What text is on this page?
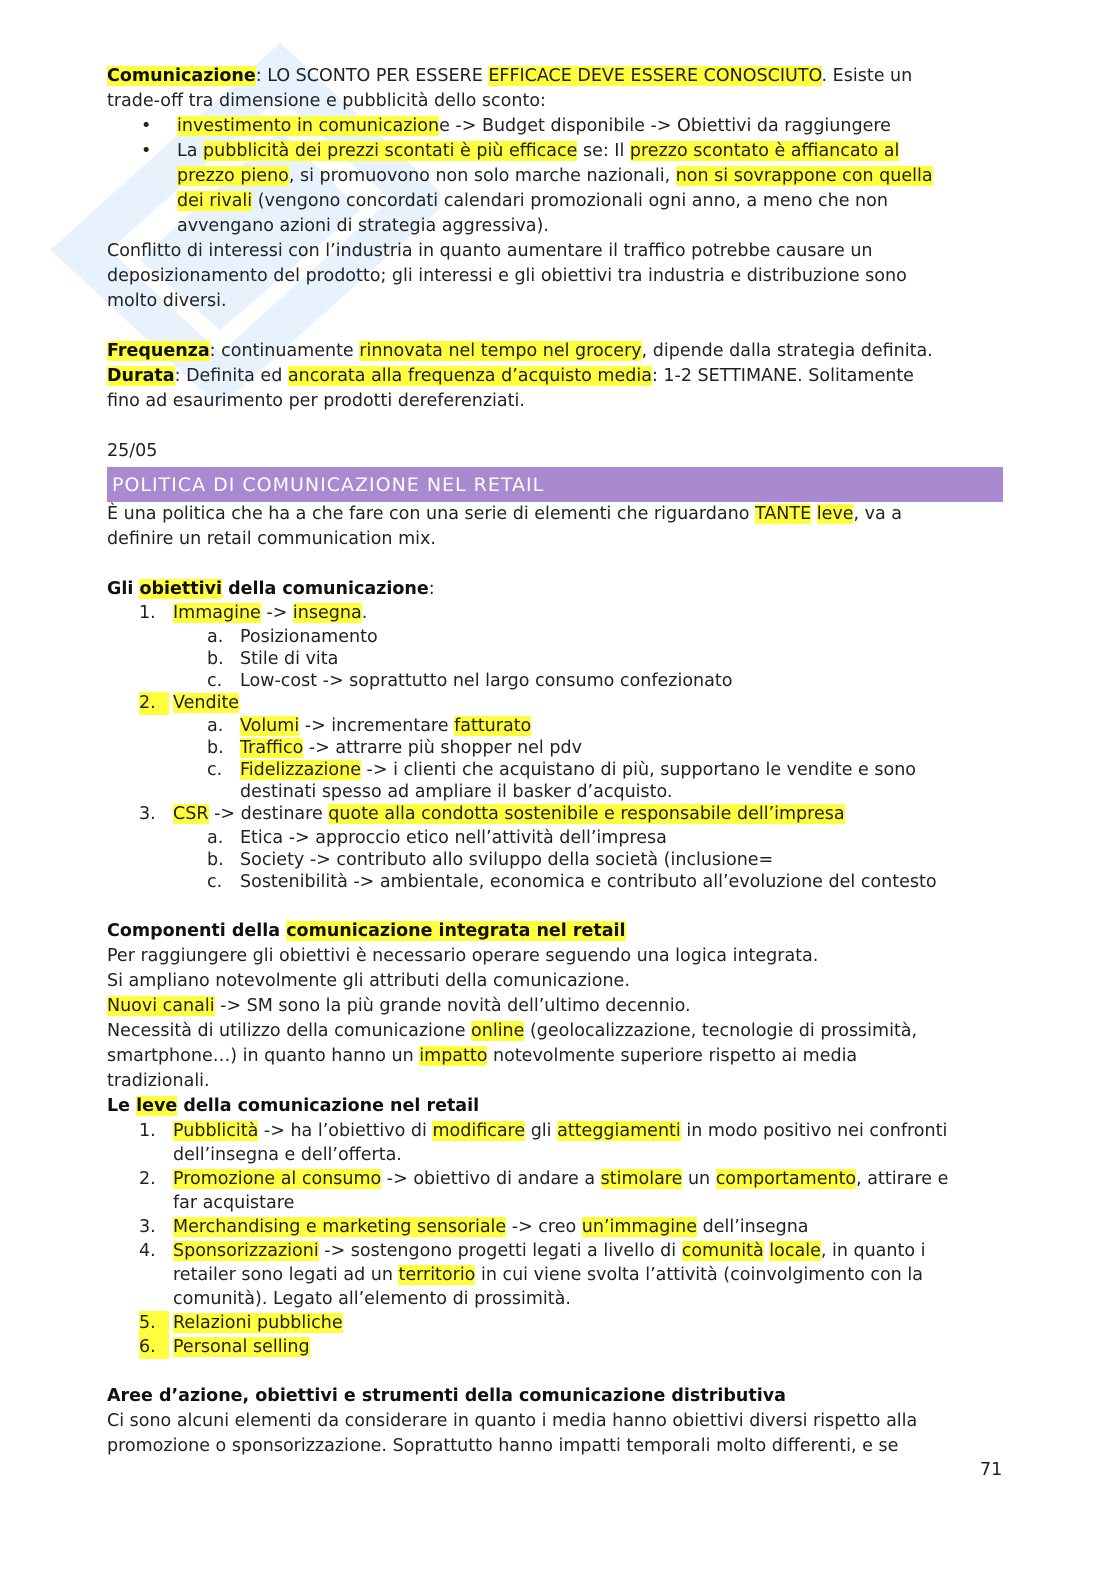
Comunicazione: LO SCONTO PER ESSERE EFFICACE DEVE ESSERE CONOSCIUTO. Esiste un

trade-off tra dimensione e pubblicità dello sconto:

• investimento in comunicazione -> Budget disponibile -> Obiettivi da raggiungere
• La pubblicità dei prezzi scontati è più efficace se: Il prezzo scontato è affiancato al
prezzo pieno, si promuovono non solo marche nazionali, non si sovrappone con quella
dei rivali (vengono concordati calendari promozionali ogni anno, a meno che non
avvengano azioni di strategia aggressiva).

Conflitto di interessi con l’industria in quanto aumentare il traffico potrebbe causare un
deposizionamento del prodotto; gli interessi e gli obiettivi tra industria e distribuzione sono
molto diversi.

Frequenza: continuamente rinnovata nel tempo nel grocery, dipende dalla strategia definita.

Durata: Definita ed ancorata alla frequenza d’acquisto media: 1-2 SETTIMANE. Solitamente

fino ad esaurimento per prodotti dereferenziati.

25/05

POLITICA DI COMUNICAZIONE NEL RETAIL

È una politica che ha a che fare con una serie di elementi che riguardano TANTE leve, va a
definire un retail communication mix.

Gli obiettivi della comunicazione:

1. Immagine -> insegna.
a. Posizionamento
b. Stile di vita
c. Low-cost -> soprattutto nel largo consumo confezionato
2. Vendite
a. Volumi -> incrementare fatturato
b. Traffico -> attrarre più shopper nel pdv
c. Fidelizzazione -> i clienti che acquistano di più, supportano le vendite e sono
destinati spesso ad ampliare il basker d’acquisto.
3. CSR -> destinare quote alla condotta sostenibile e responsabile dell’impresa
a. Etica -> approccio etico nell’attività dell’impresa
b. Society -> contributo allo sviluppo della società (inclusione=
c. Sostenibilità -> ambientale, economica e contributo all’evoluzione del contesto

Componenti della comunicazione integrata nel retail

Per raggiungere gli obiettivi è necessario operare seguendo una logica integrata.

Si ampliano notevolmente gli attributi della comunicazione.

Nuovi canali -> SM sono la più grande novità dell’ultimo decennio.

Necessità di utilizzo della comunicazione online (geolocalizzazione, tecnologie di prossimità,
smartphone…) in quanto hanno un impatto notevolmente superiore rispetto ai media
tradizionali.

Le leve della comunicazione nel retail

1. Pubblicità -> ha l’obiettivo di modificare gli atteggiamenti in modo positivo nei confronti
dell’insegna e dell’offerta.
2. Promozione al consumo -> obiettivo di andare a stimolare un comportamento, attirare e
far acquistare
3. Merchandising e marketing sensoriale -> creo un’immagine dell’insegna
4. Sponsorizzazioni -> sostengono progetti legati a livello di comunità locale, in quanto i
retailer sono legati ad un territorio in cui viene svolta l’attività (coinvolgimento con la
comunità). Legato all’elemento di prossimità.
5. Relazioni pubbliche
6. Personal selling

Aree d’azione, obiettivi e strumenti della comunicazione distributiva

Ci sono alcuni elementi da considerare in quanto i media hanno obiettivi diversi rispetto alla

promozione o sponsorizzazione. Soprattutto hanno impatti temporali molto differenti, e se

71
